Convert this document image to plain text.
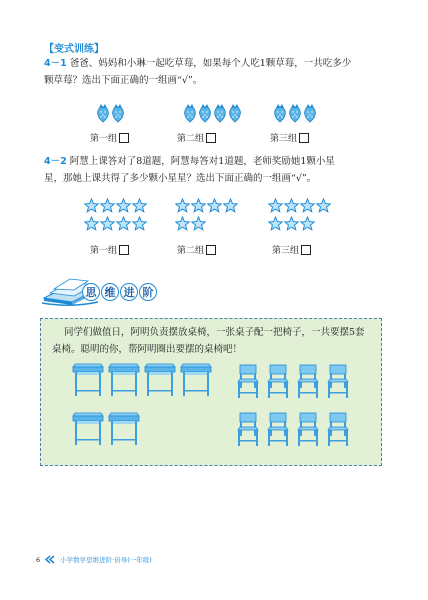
【变式训练】
4－1 爸爸、妈妈和小琳一起吃草莓，如果每个人吃1颗草莓，一共吃多少
颗草莓？选出下面正确的一组画“√”。
第一组	第二组	第三组
4－2 阿慧上课答对了8道题，阿慧每答对1道题，老师奖励她1颗小星
星，那她上课共得了多少颗小星星？选出下面正确的一组画“√”。
第一组	第二组	第三组
思 维 进 阶
同学们做值日，阿明负责摆放桌椅，一张桌子配一把椅子，一共要摆5套
桌椅。聪明的你，帮阿明圈出要摆的桌椅吧！
6	小学数学思维进阶·倍导(一年级)
